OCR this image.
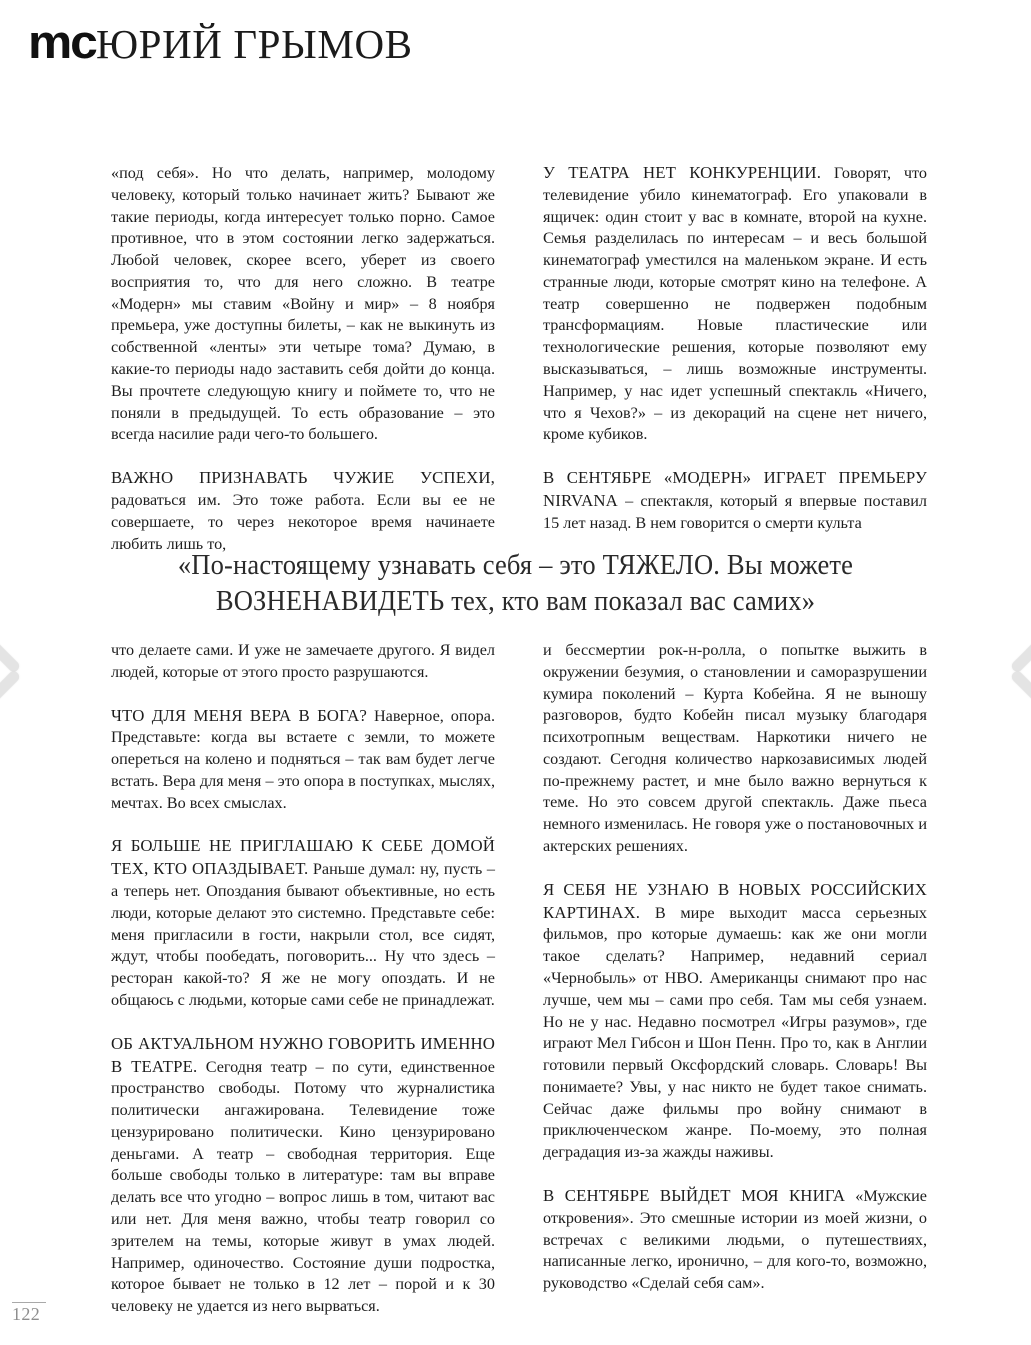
mc ЮРИЙ ГРЫМОВ

«под себя». Но что делать, например, молодому человеку, который только начинает жить? Бывают же такие периоды, когда интересует только порно. Самое противное, что в этом состоянии легко задержаться. Любой человек, скорее всего, уберет из своего восприятия то, что для него сложно. В театре «Модерн» мы ставим «Войну и мир» – 8 ноября премьера, уже доступны билеты, – как не выкинуть из собственной «ленты» эти четыре тома? Думаю, в какие-то периоды надо заставить себя дойти до конца. Вы прочтете следующую книгу и поймете то, что не поняли в предыдущей. То есть образование – это всегда насилие ради чего-то большего.

ВАЖНО ПРИЗНАВАТЬ ЧУЖИЕ УСПЕХИ, радоваться им. Это тоже работа. Если вы ее не совершаете, то через некоторое время начинаете любить лишь то,

У ТЕАТРА НЕТ КОНКУРЕНЦИИ. Говорят, что телевидение убило кинематограф. Его упаковали в ящичек: один стоит у вас в комнате, второй на кухне. Семья разделилась по интересам – и весь большой кинематограф уместился на маленьком экране. И есть странные люди, которые смотрят кино на телефоне. А театр совершенно не подвержен подобным трансформациям. Новые пластические или технологические решения, которые позволяют ему высказываться, – лишь возможные инструменты. Например, у нас идет успешный спектакль «Ничего, что я Чехов?» – из декораций на сцене нет ничего, кроме кубиков.

В СЕНТЯБРЕ «МОДЕРН» ИГРАЕТ ПРЕМЬЕРУ NIRVANA – спектакля, который я впервые поставил 15 лет назад. В нем говорится о смерти культа

«По-настоящему узнавать себя – это ТЯЖЕЛО. Вы можете
ВОЗНЕНАВИДЕТЬ тех, кто вам показал вас самих»

что делаете сами. И уже не замечаете другого. Я видел людей, которые от этого просто разрушаются.

ЧТО ДЛЯ МЕНЯ ВЕРА В БОГА? Наверное, опора. Представьте: когда вы встаете с земли, то можете опереться на колено и подняться – так вам будет легче встать. Вера для меня – это опора в поступках, мыслях, мечтах. Во всех смыслах.

Я БОЛЬШЕ НЕ ПРИГЛАШАЮ К СЕБЕ ДОМОЙ ТЕХ, КТО ОПАЗДЫВАЕТ. Раньше думал: ну, пусть – а теперь нет. Опоздания бывают объективные, но есть люди, которые делают это системно. Представьте себе: меня пригласили в гости, накрыли стол, все сидят, ждут, чтобы пообедать, поговорить... Ну что здесь – ресторан какой-то? Я же не могу опоздать. И не общаюсь с людьми, которые сами себе не принадлежат.

ОБ АКТУАЛЬНОМ НУЖНО ГОВОРИТЬ ИМЕННО В ТЕАТРЕ. Сегодня театр – по сути, единственное пространство свободы. Потому что журналистика политически ангажирована. Телевидение тоже цензурировано политически. Кино цензурировано деньгами. А театр – свободная территория. Еще больше свободы только в литературе: там вы вправе делать все что угодно – вопрос лишь в том, читают вас или нет. Для меня важно, чтобы театр говорил со зрителем на темы, которые живут в умах людей. Например, одиночество. Состояние души подростка, которое бывает не только в 12 лет – порой и к 30 человеку не удается из него вырваться.

и бессмертии рок-н-ролла, о попытке выжить в окружении безумия, о становлении и саморазрушении кумира поколений – Курта Кобейна. Я не выношу разговоров, будто Кобейн писал музыку благодаря психотропным веществам. Наркотики ничего не создают. Сегодня количество наркозависимых людей по-прежнему растет, и мне было важно вернуться к теме. Но это совсем другой спектакль. Даже пьеса немного изменилась. Не говоря уже о постановочных и актерских решениях.

Я СЕБЯ НЕ УЗНАЮ В НОВЫХ РОССИЙСКИХ КАРТИНАХ. В мире выходит масса серьезных фильмов, про которые думаешь: как же они могли такое сделать? Например, недавний сериал «Чернобыль» от НВО. Американцы снимают про нас лучше, чем мы – сами про себя. Там мы себя узнаем. Но не у нас. Недавно посмотрел «Игры разумов», где играют Мел Гибсон и Шон Пенн. Про то, как в Англии готовили первый Оксфордский словарь. Словарь! Вы понимаете? Увы, у нас никто не будет такое снимать. Сейчас даже фильмы про войну снимают в приключенческом жанре. По-моему, это полная деградация из-за жажды наживы.

В СЕНТЯБРЕ ВЫЙДЕТ МОЯ КНИГА «Мужские откровения». Это смешные истории из моей жизни, о встречах с великими людьми, о путешествиях, написанные легко, иронично, – для кого-то, возможно, руководство «Сделай себя сам».

122
